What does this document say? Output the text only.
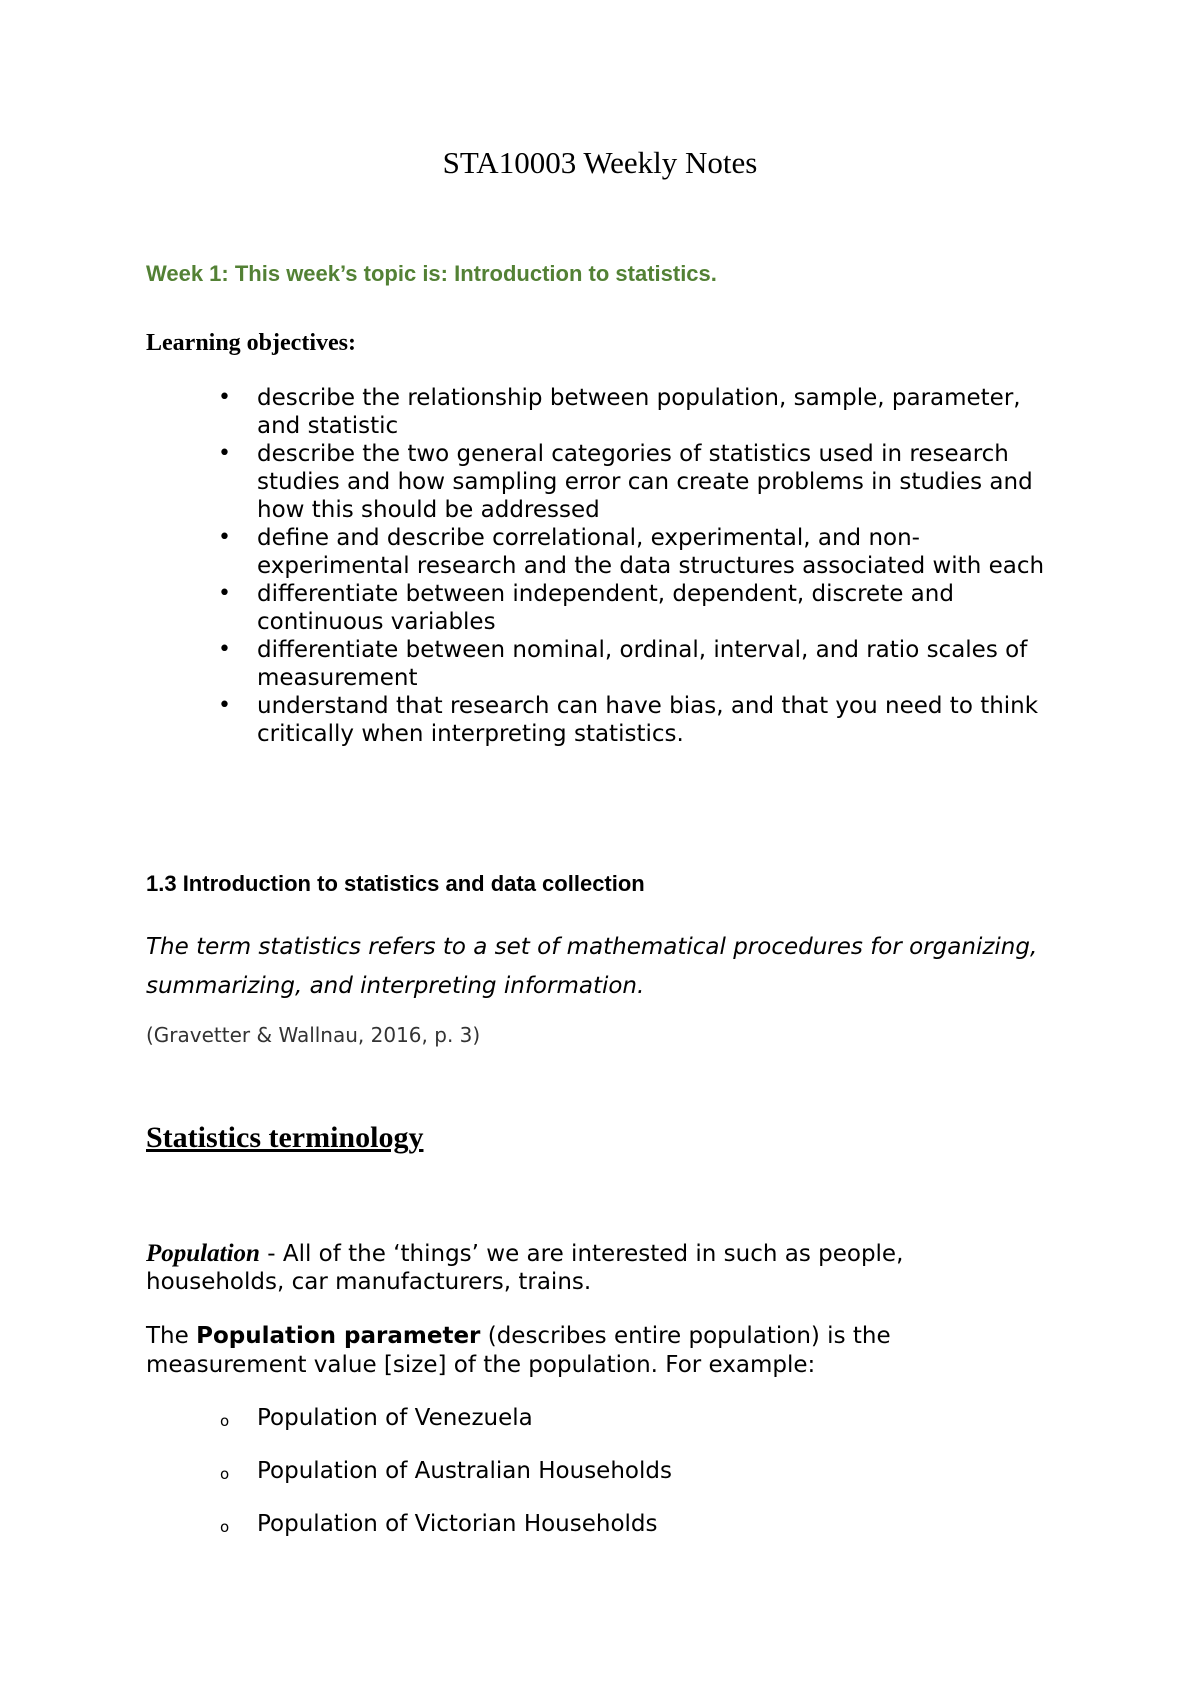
STA10003 Weekly Notes
Week 1: This week’s topic is: Introduction to statistics.
Learning objectives:
•	describe the relationship between population, sample, parameter, and statistic
•	describe the two general categories of statistics used in research studies and how sampling error can create problems in studies and how this should be addressed
•	define and describe correlational, experimental, and non-experimental research and the data structures associated with each
•	differentiate between independent, dependent, discrete and continuous variables
•	differentiate between nominal, ordinal, interval, and ratio scales of measurement
•	understand that research can have bias, and that you need to think critically when interpreting statistics.
1.3 Introduction to statistics and data collection

The term statistics refers to a set of mathematical procedures for organizing, summarizing, and interpreting information.

(Gravetter & Wallnau, 2016, p. 3)

Statistics terminology

Population - All of the ‘things’ we are interested in such as people, households, car manufacturers, trains.

The Population parameter (describes entire population) is the measurement value [size] of the population. For example:

o Population of Venezuela
o Population of Australian Households
o Population of Victorian Households
